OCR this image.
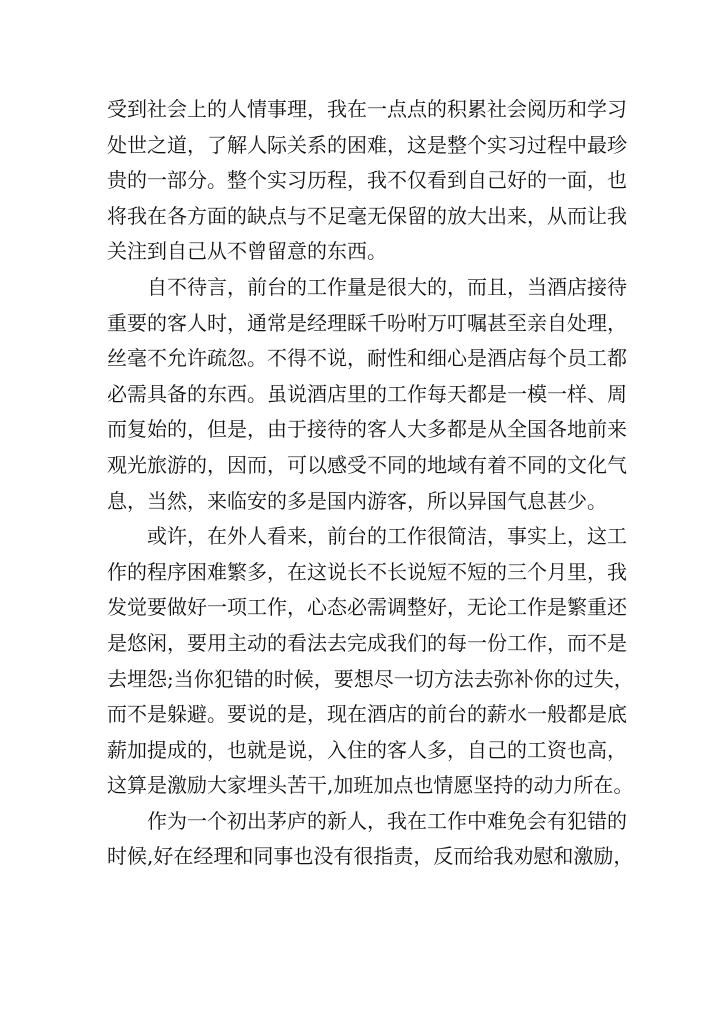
受到社会上的人情事理，我在一点点的积累社会阅历和学习
处世之道，了解人际关系的困难，这是整个实习过程中最珍
贵的一部分。整个实习历程，我不仅看到自己好的一面，也
将我在各方面的缺点与不足毫无保留的放大出来，从而让我
关注到自己从不曾留意的东西。
自不待言，前台的工作量是很大的，而且，当酒店接待
重要的客人时，通常是经理睬千吩咐万叮嘱甚至亲自处理，
丝毫不允许疏忽。不得不说，耐性和细心是酒店每个员工都
必需具备的东西。虽说酒店里的工作每天都是一模一样、周
而复始的，但是，由于接待的客人大多都是从全国各地前来
观光旅游的，因而，可以感受不同的地域有着不同的文化气
息，当然，来临安的多是国内游客，所以异国气息甚少。
或许，在外人看来，前台的工作很简洁，事实上，这工
作的程序困难繁多，在这说长不长说短不短的三个月里，我
发觉要做好一项工作，心态必需调整好，无论工作是繁重还
是悠闲，要用主动的看法去完成我们的每一份工作，而不是
去埋怨;当你犯错的时候，要想尽一切方法去弥补你的过失，
而不是躲避。要说的是，现在酒店的前台的薪水一般都是底
薪加提成的，也就是说，入住的客人多，自己的工资也高，
这算是激励大家埋头苦干,加班加点也情愿坚持的动力所在。
作为一个初出茅庐的新人，我在工作中难免会有犯错的
时候,好在经理和同事也没有很指责，反而给我劝慰和激励，
